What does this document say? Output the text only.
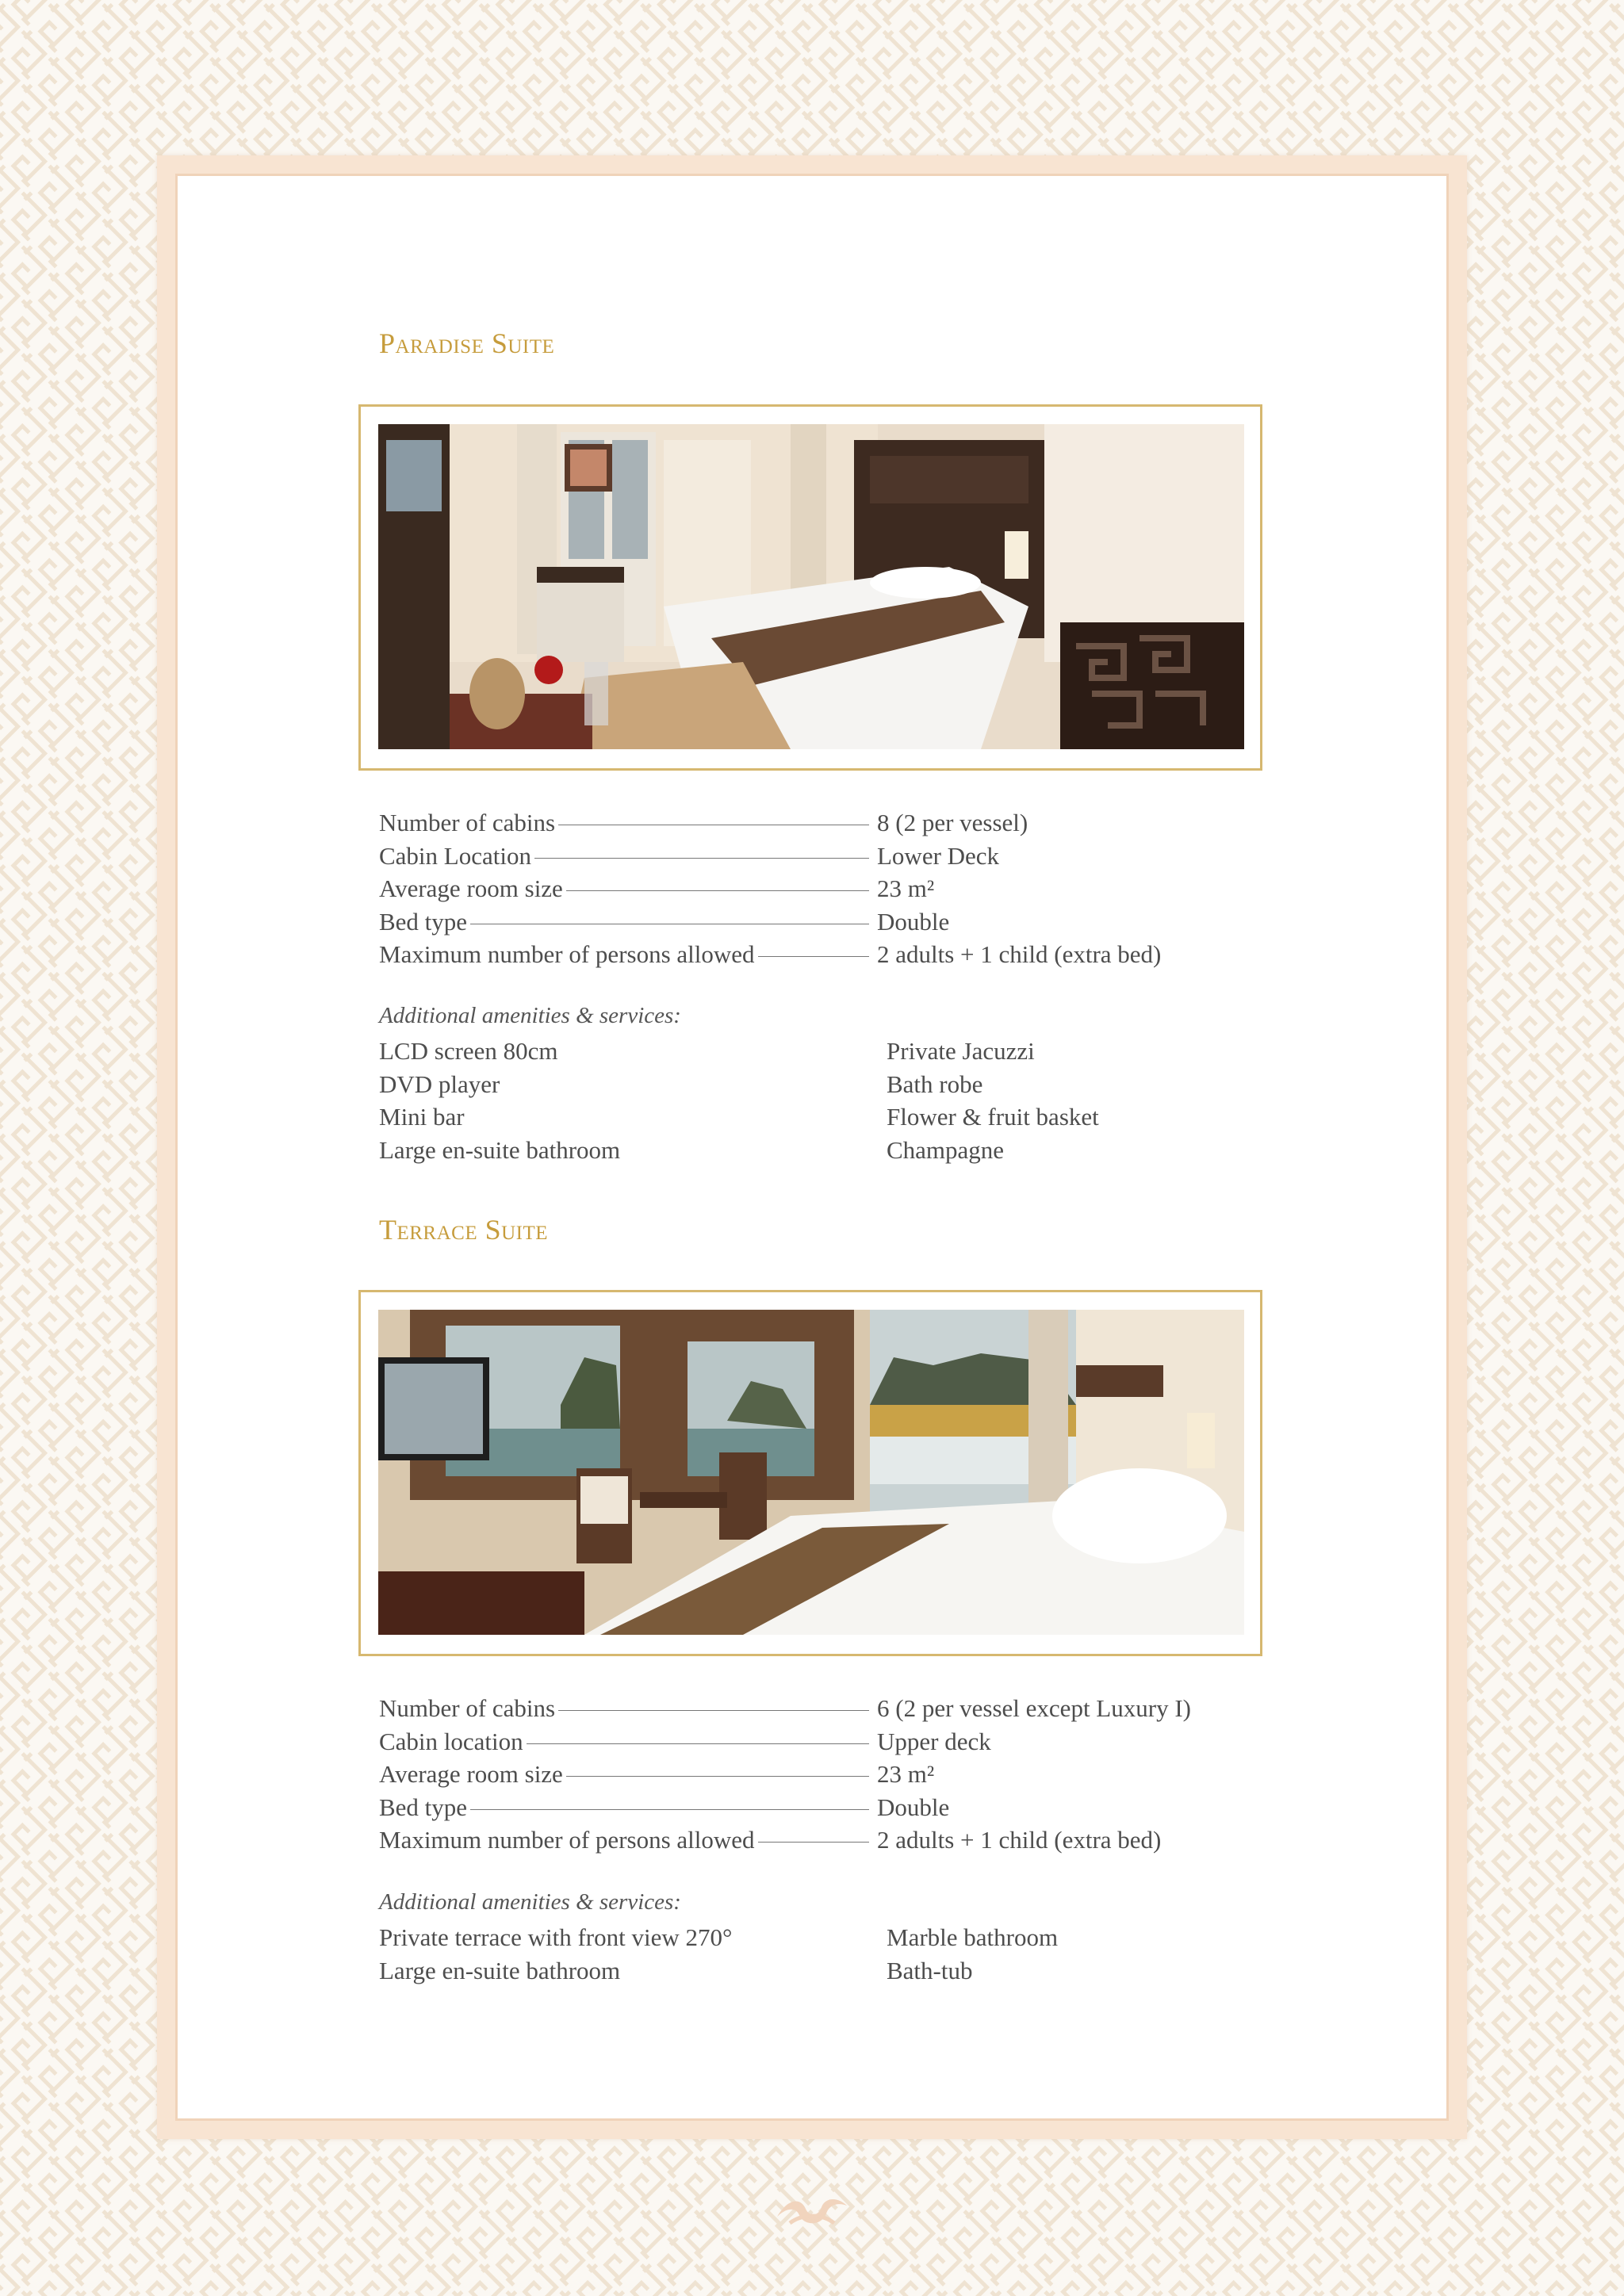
Paradise Suite
Number of cabins	8 (2 per vessel)
Cabin Location	Lower Deck
Average room size	23 m²
Bed type	Double
Maximum number of persons allowed	2 adults + 1 child (extra bed)
Additional amenities & services:
LCD screen 80cm	Private Jacuzzi
DVD player	Bath robe
Mini bar	Flower & fruit basket
Large en-suite bathroom	Champagne
Terrace Suite
Number of cabins	6 (2 per vessel except Luxury I)
Cabin location	Upper deck
Average room size	23 m²
Bed type	Double
Maximum number of persons allowed	2 adults + 1 child (extra bed)
Additional amenities & services:
Private terrace with front view 270°	Marble bathroom
Large en-suite bathroom	Bath-tub
